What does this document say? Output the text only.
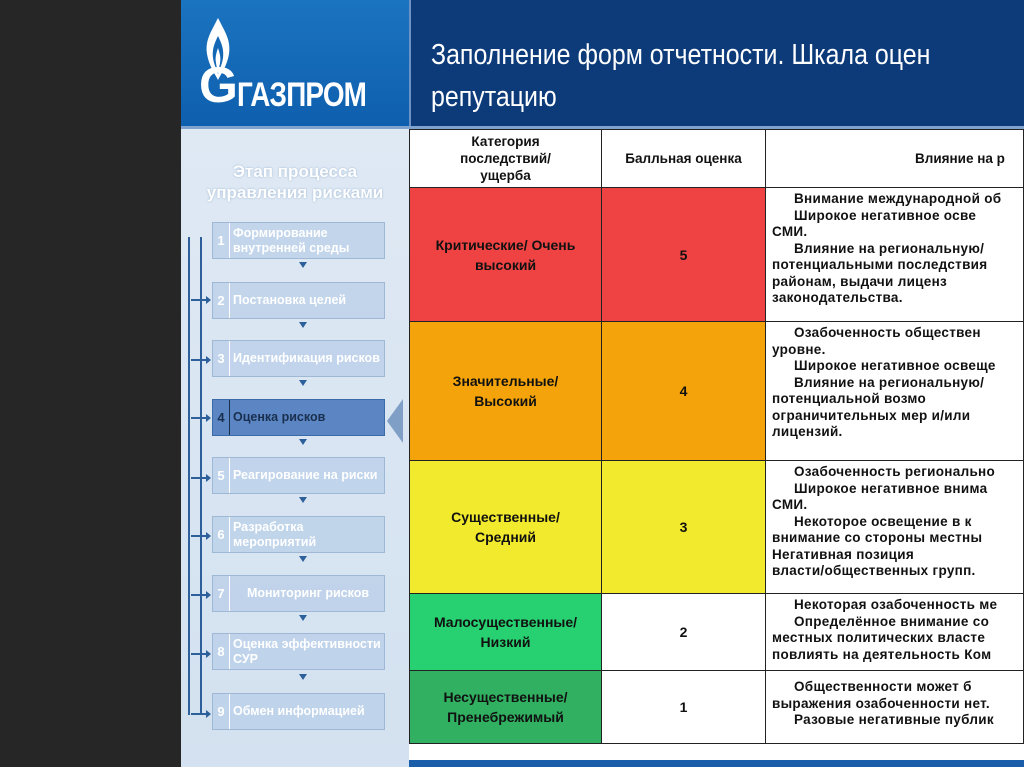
G ГАЗПРОМ
Заполнение форм отчетности. Шкала оцен репутацию
Этап процесса управления рисками
1
Формирование внутренней среды
2 Постановка целей
3 Идентификация рисков
4 Оценка рисков
5 Реагирование на риски
6
Разработка мероприятий
7	Мониторинг рисков
8
Оценка эффективности СУР
9 Обмен информацией
Категория последствий/ ущерба
Балльная оценка	Влияние на р
Критические/ Очень высокий
5

Внимание международной об

Широкое негативное осве

СМИ.

Влияние на региональную/

потенциальными последствия

районам, выдачи лиценз

законодательства.

Значительные/ Высокий
4

Озабоченность обществен

уровне.

Широкое негативное освеще

Влияние на региональную/

потенциальной возмо

ограничительных мер и/или

лицензий.

Существенные/ Средний
3

Озабоченность региональнo

Широкое негативное внима

СМИ.

Некоторое освещение в к

внимание со стороны местны

Негативная позиция

власти/общественных групп.

Малосущественные/ Низкий
2

Некоторая озабоченность ме

Определённое внимание со

местных политических властe

повлиять на деятельность Ком

Несущественные/ Пренебрежимый
1

Общественности может б

выражения озабоченности нет.

Разовые негативные публик
